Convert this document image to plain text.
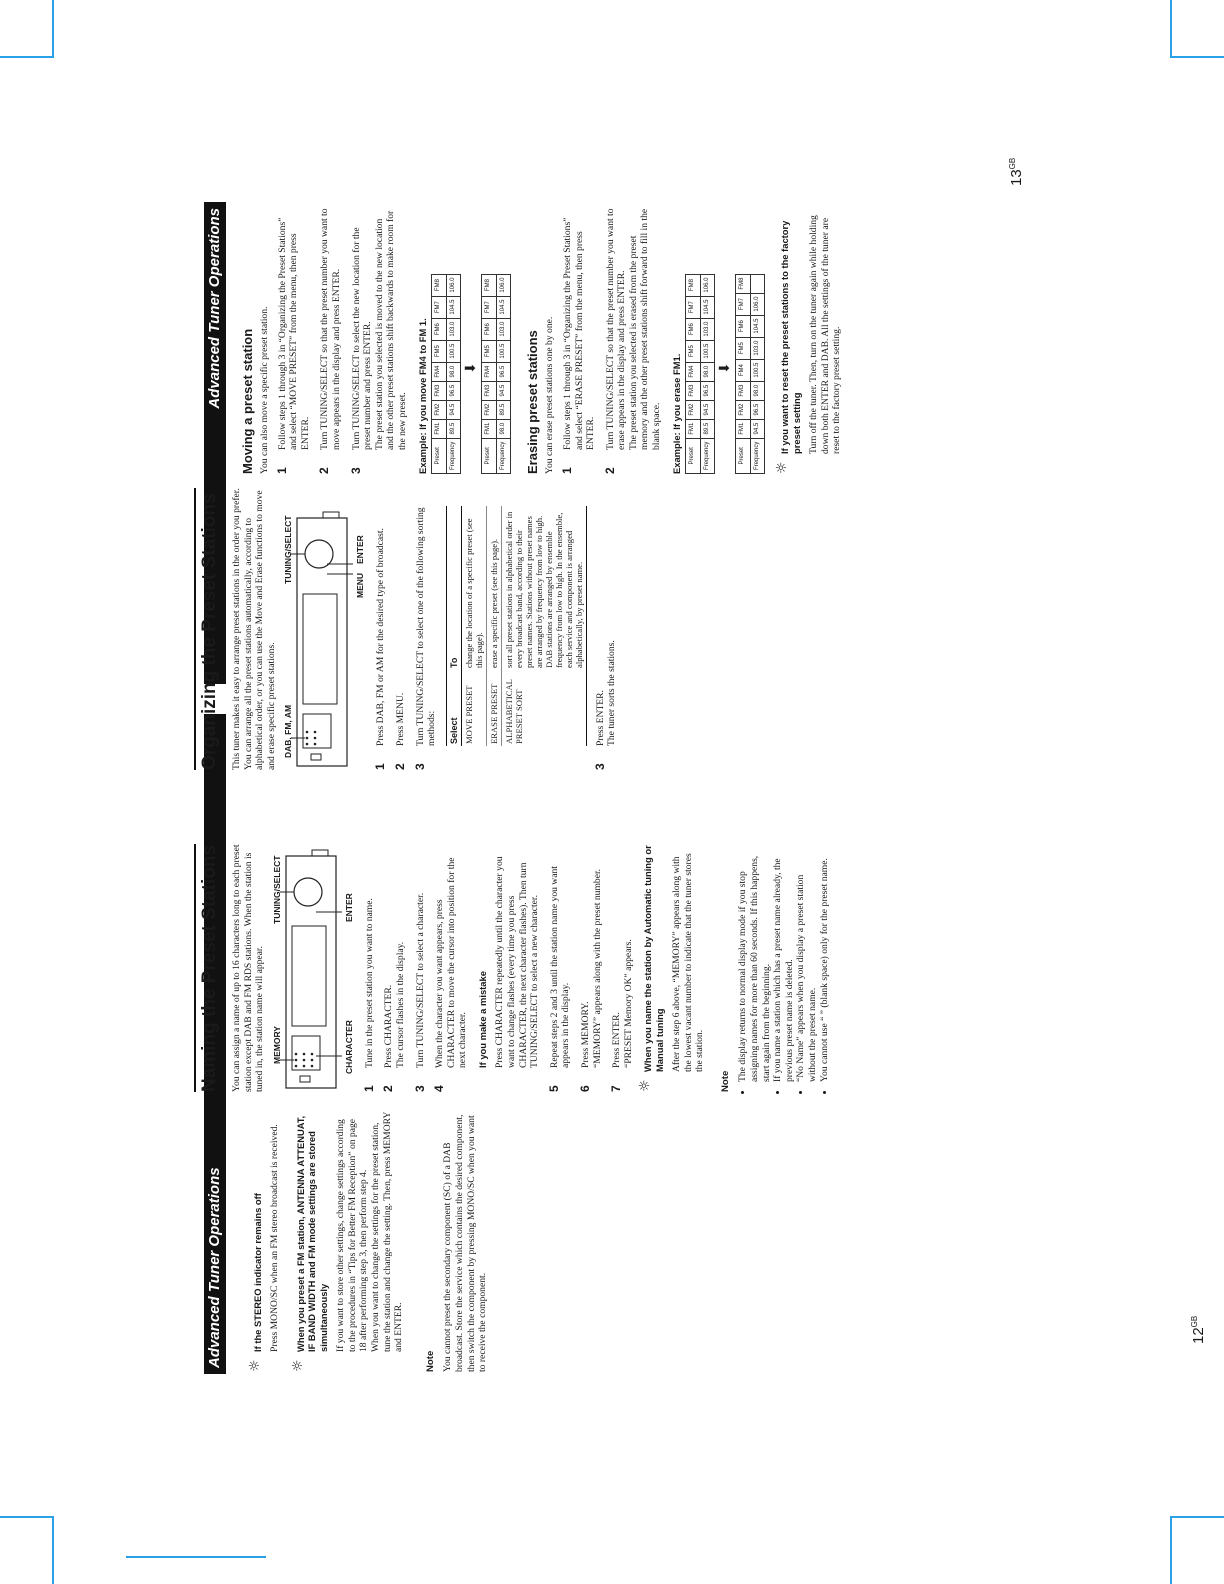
Advanced Tuner Operations
Advanced Tuner Operations
☼

If the STEREO indicator remains off Press MONO/SC when an FM stereo broadcast is received.

☼

When you preset a FM station, ANTENNA ATTENUAT, IF BAND WIDTH and FM mode settings are stored simultaneously If you want to store other settings, change settings according to the procedures in “Tips for Better FM Reception” on page 18 after performing step 3, then perform step 4. When you want to change the settings for the preset station, tune the station and change the setting. Then, press MEMORY and ENTER.

Note You cannot preset the secondary component (SC) of a DAB broadcast. Store the service which contains the desired component, then switch the component by pressing MONO/SC when you want to receive the component.

Naming the Preset Stations You can assign a name of up to 16 characters long to each preset station except DAB and FM RDS stations. When the station is tuned in, the station name will appear. MEMORY
TUNING/SELECT
CHARACTER
ENTER
1

Tune in the preset station you want to name.

2

Press CHARACTER. The cursor flashes in the display.

3

Turn TUNING/SELECT to select a character.

4

When the character you want appears, press CHARACTER to move the cursor into position for the next character. If you make a mistake Press CHARACTER repeatedly until the character you want to change flashes (every time you press CHARACTER, the next character flashes). Then turn TUNING/SELECT to select a new character.

5

Repeat steps 2 and 3 until the station name you want appears in the display.

6

Press MEMORY. “MEMORY” appears along with the preset number.

7

Press ENTER. “PRESET Memory OK” appears.

☼

When you name the station by Automatic tuning or Manual tuning After the step 6 above, “MEMORY” appears along with the lowest vacant number to indicate that the tuner stores the station.

Note • The display returns to normal display mode if you stop assigning names for more than 60 seconds. If this happens, start again from the beginning. • If you name a station which has a preset name already, the previous preset name is deleted. • “No Name” appears when you display a preset station without the preset name. • You cannot use “ ” (blank space) only for the preset name.
Organizing the Preset Stations This tuner makes it easy to arrange preset stations in the order you prefer. You can arrange all the preset stations automatically, according to alphabetical order, or you can use the Move and Erase functions to move and erase specific preset stations. DAB, FM, AM
TUNING/SELECT
MENU
ENTER
1

Press DAB, FM or AM for the desired type of broadcast.

2

Press MENU.

3

Turn TUNING/SELECT to select one of the following sorting methods: Select	To
MOVE PRESET	change the location of a specific preset (see this page).
ERASE PRESET	erase a specific preset (see this page).
ALPHABETICAL PRESET SORT	sort all preset stations in alphabetical order in every broadcast band, according to their preset names. Stations without preset names are arranged by frequency from low to high. DAB stations are arranged by ensemble frequency from low to high. In the ensemble, each service and component is arranged alphabetically, by preset name.
3

Press ENTER. The tuner sorts the stations.

Moving a preset station You can also move a specific preset station. 1

Follow steps 1 through 3 in “Organizing the Preset Stations” and select “MOVE PRESET” from the menu, then press ENTER.

2

Turn TUNING/SELECT so that the preset number you want to move appears in the display and press ENTER.

3

Turn TUNING/SELECT to select the new location for the preset number and press ENTER. The preset station you selected is moved to the new location and the other preset stations shift backwards to make room for the new preset. Example: If you move FM4 to FM 1. Preset	FM1	FM2	FM3	FM4	FM5	FM6	FM7	FM8
Frequency	89.5	94.5	96.5	98.0	100.5	103.0	104.5	106.0
⬇
Preset	FM1	FM2	FM3	FM4	FM5	FM6	FM7	FM8
Frequency	98.0	89.5	94.5	96.5	100.5	103.0	104.5	106.0
Erasing preset stations You can erase preset stations one by one. 1

Follow steps 1 through 3 in “Organizing the Preset Stations” and select “ERASE PRESET” from the menu, then press ENTER.

2

Turn TUNING/SELECT so that the preset number you want to erase appears in the display and press ENTER. The preset station you selected is erased from the preset memory and the other preset stations shift forward to fill in the blank space. Example: If you erase FM1. Preset	FM1	FM2	FM3	FM4	FM5	FM6	FM7	FM8
Frequency	89.5	94.5	96.5	98.0	100.5	103.0	104.5	106.0
⬇
Preset	FM1	FM2	FM3	FM4	FM5	FM6	FM7	FM8
Frequency	94.5	96.5	98.0	100.5	103.0	104.5	106.0	
☼

If you want to reset the preset stations to the factory preset setting Turn off the tuner. Then, turn on the tuner again while holding down both ENTER and DAB. All the settings of the tuner are reset to the factory preset setting.

$12^{GB}$
$13^{GB}$
